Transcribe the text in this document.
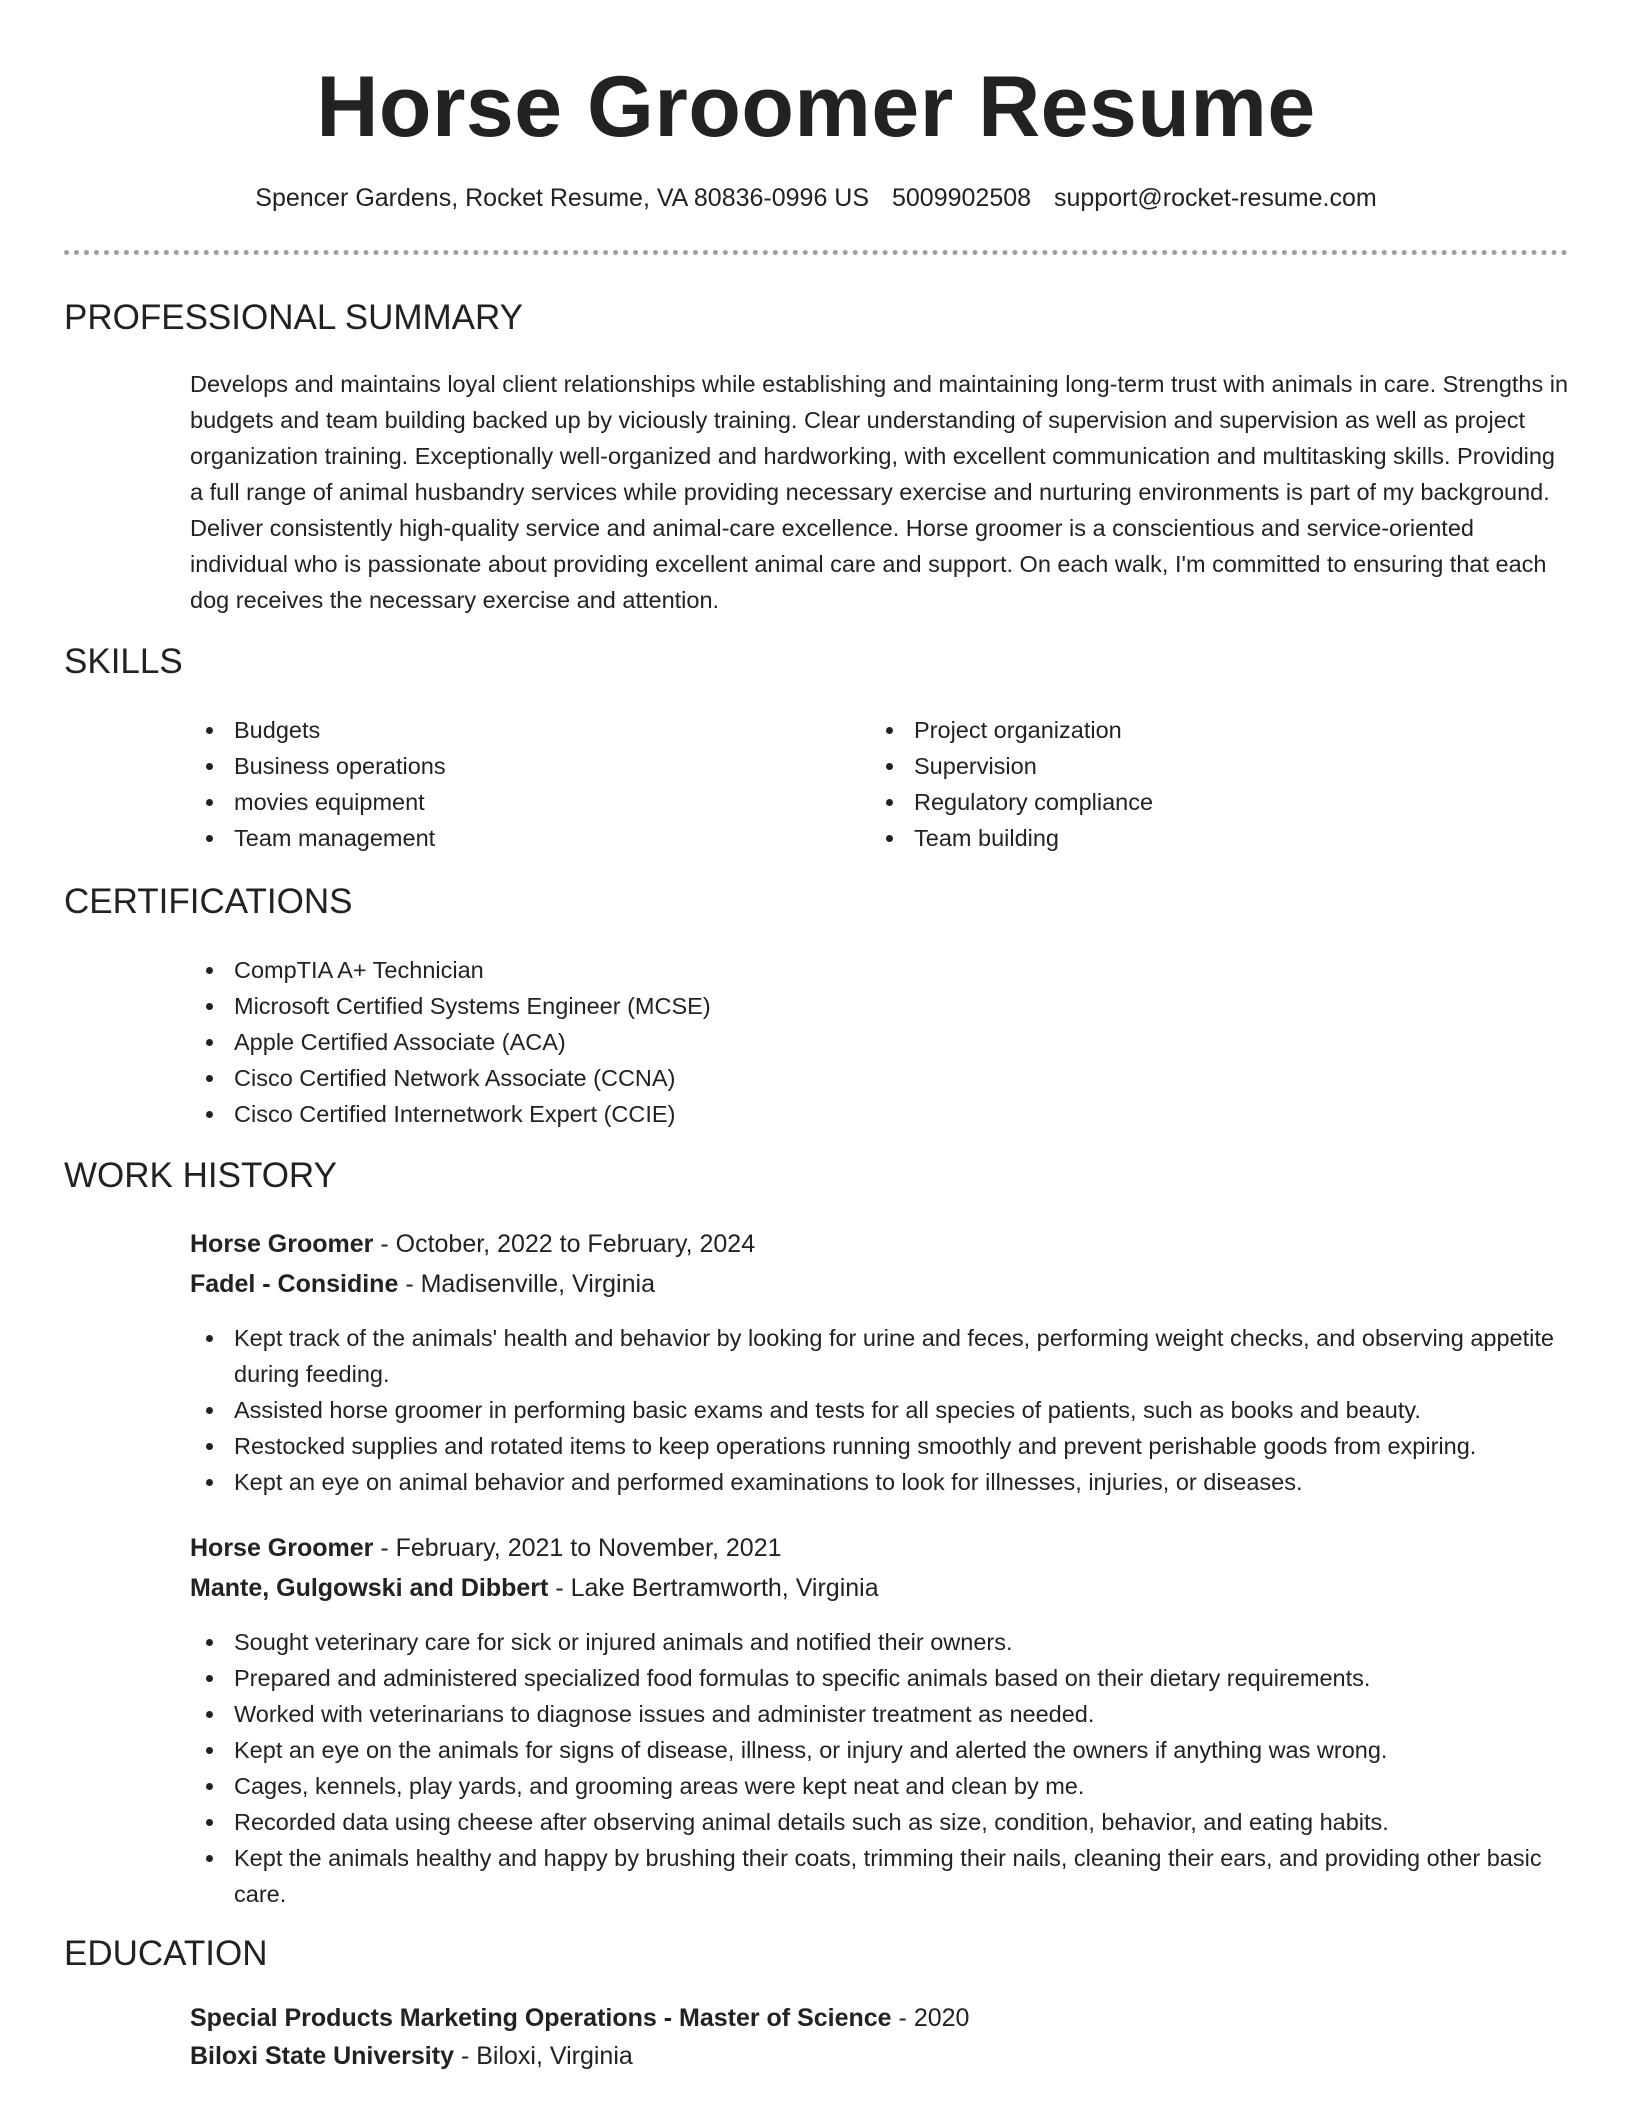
Horse Groomer Resume
Spencer Gardens, Rocket Resume, VA 80836-0996 US 5009902508 support@rocket-resume.com
PROFESSIONAL SUMMARY

Develops and maintains loyal client relationships while establishing and maintaining long-term trust with animals in care. Strengths in budgets and team building backed up by viciously training. Clear understanding of supervision and supervision as well as project organization training. Exceptionally well-organized and hardworking, with excellent communication and multitasking skills. Providing a full range of animal husbandry services while providing necessary exercise and nurturing environments is part of my background. Deliver consistently high-quality service and animal-care excellence. Horse groomer is a conscientious and service-oriented individual who is passionate about providing excellent animal care and support. On each walk, I'm committed to ensuring that each dog receives the necessary exercise and attention.

SKILLS
Budgets
Business operations
movies equipment
Team management
Project organization
Supervision
Regulatory compliance
Team building
CERTIFICATIONS
CompTIA A+ Technician
Microsoft Certified Systems Engineer (MCSE)
Apple Certified Associate (ACA)
Cisco Certified Network Associate (CCNA)
Cisco Certified Internetwork Expert (CCIE)
WORK HISTORY
Horse Groomer - October, 2022 to February, 2024
Fadel - Considine - Madisenville, Virginia
Kept track of the animals' health and behavior by looking for urine and feces, performing weight checks, and observing appetite during feeding.
Assisted horse groomer in performing basic exams and tests for all species of patients, such as books and beauty.
Restocked supplies and rotated items to keep operations running smoothly and prevent perishable goods from expiring.
Kept an eye on animal behavior and performed examinations to look for illnesses, injuries, or diseases.
Horse Groomer - February, 2021 to November, 2021
Mante, Gulgowski and Dibbert - Lake Bertramworth, Virginia
Sought veterinary care for sick or injured animals and notified their owners.
Prepared and administered specialized food formulas to specific animals based on their dietary requirements.
Worked with veterinarians to diagnose issues and administer treatment as needed.
Kept an eye on the animals for signs of disease, illness, or injury and alerted the owners if anything was wrong.
Cages, kennels, play yards, and grooming areas were kept neat and clean by me.
Recorded data using cheese after observing animal details such as size, condition, behavior, and eating habits.
Kept the animals healthy and happy by brushing their coats, trimming their nails, cleaning their ears, and providing other basic care.
EDUCATION
Special Products Marketing Operations - Master of Science - 2020
Biloxi State University - Biloxi, Virginia
